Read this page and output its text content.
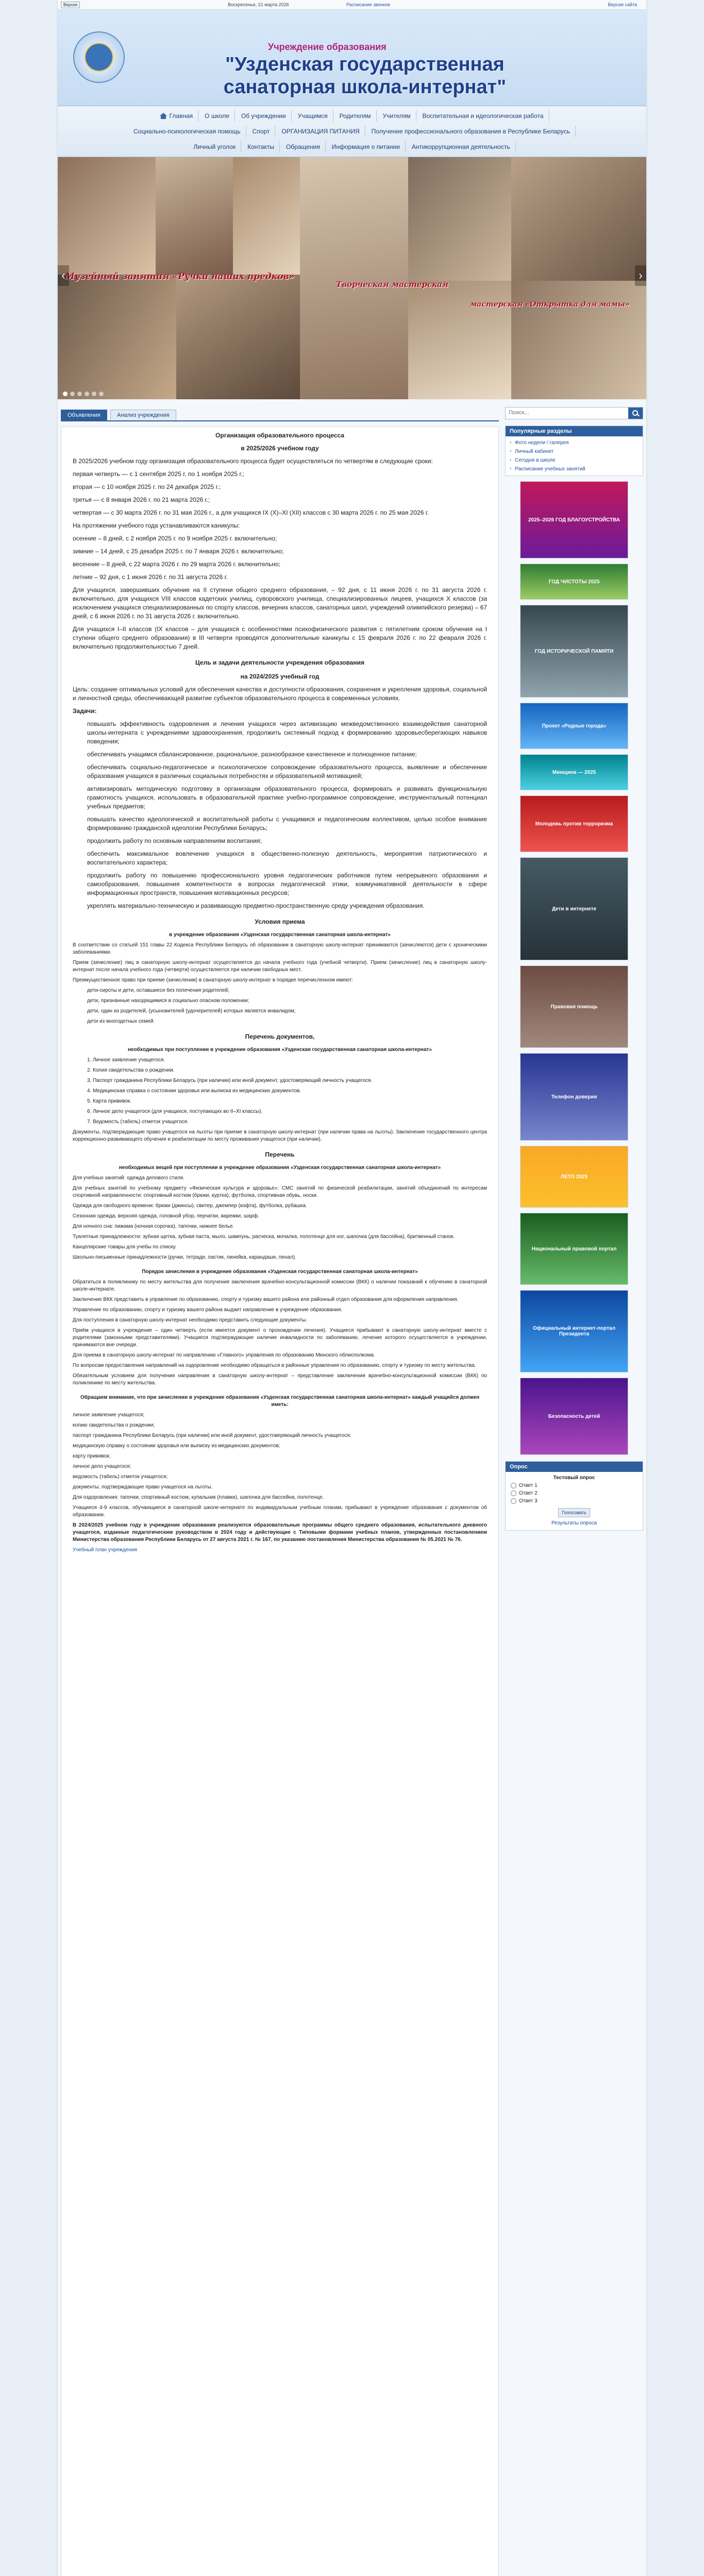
Версия	Воскресенье, 21 марта 2026	Расписание звонков	Версия сайта
Учреждение образования
"Узденская государственная санаторная школа-интернат"
Главная	О школе	Об учреждении	Учащимся	Родителям	Учителям	Воспитательная и идеологическая работа
Социально-психологическая помощь	Спорт	ОРГАНИЗАЦИЯ ПИТАНИЯ	Получение профессионального образования в Республике Беларусь
Личный уголок	Контакты	Обращения	Информация о питании	Антикоррупционная деятельность
Музейный занятия «Ручки наших предков»
Творческая мастерская
мастерская «Открытка для мамы»
‹	›
Объявления	Анализ учреждения

Организация образовательного процесса

в 2025/2026 учебном году

В 2025/2026 учебном году организация образовательного процесса будет осуществляться по четвертям в следующие сроки:

первая четверть — с 1 сентября 2025 г. по 1 ноября 2025 г.;

вторая — с 10 ноября 2025 г. по 24 декабря 2025 г.;

третья — с 8 января 2026 г. по 21 марта 2026 г.;

четвертая — с 30 марта 2026 г. по 31 мая 2026 г., а для учащихся IX (X)–XI (XII) классов с 30 марта 2026 г. по 25 мая 2026 г.

На протяжении учебного года устанавливаются каникулы:

осенние – 8 дней, с 2 ноября 2025 г. по 9 ноября 2025 г. включительно;

зимние – 14 дней, с 25 декабря 2025 г. по 7 января 2026 г. включительно;

весенние – 8 дней, с 22 марта 2026 г. по 29 марта 2026 г. включительно;

летние – 92 дня, с 1 июня 2026 г. по 31 августа 2026 г.

Для учащихся, завершивших обучение на II ступени общего среднего образования, – 92 дня, с 11 июня 2026 г. по 31 августа 2026 г. включительно, для учащихся VIII классов кадетских училищ, суворовского училища, специализированных лицеев, учащихся X классов (за исключением учащихся специализированных по спорту классов, вечерних классов, санаторных школ, учреждений олимпийского резерва) – 67 дней, с 6 июня 2026 г. по 31 августа 2026 г. включительно.

Для учащихся I–II классов (IX классов – для учащихся с особенностями психофизического развития с пятилетним сроком обучения на I ступени общего среднего образования) в III четверти проводятся дополнительные каникулы с 15 февраля 2026 г. по 22 февраля 2026 г. включительно продолжительностью 7 дней.

Цель и задачи деятельности учреждения образования

на 2024/2025 учебный год

Цель: создание оптимальных условий для обеспечения качества и доступности образования, сохранения и укрепления здоровья, социальной и личностной среды, обеспечивающей развитие субъектов образовательного процесса в современных условиях.

Задачи:

повышать эффективность оздоровления и лечения учащихся через активизацию межведомственного взаимодействия санаторной школы-интерната с учреждениями здравоохранения, продолжить системный подход к формированию здоровьесберегающих навыков поведения;

обеспечивать учащимся сбалансированное, рациональное, разнообразное качественное и полноценное питание;

обеспечивать социально-педагогическое и психологическое сопровождение образовательного процесса, выявление и обеспечение образования учащихся в различных социальных потребностях и образовательной мотивацией;

активизировать методическую подготовку в организации образовательного процесса, формировать и развивать функциональную грамотность учащихся, использовать в образовательной практике учебно-программное сопровождение, инструментальный потенциал учебных предметов;

повышать качество идеологической и воспитательной работы с учащимися и педагогическим коллективом, целью особое внимание формированию гражданской идеологии Республики Беларусь;

продолжить работу по основным направлениям воспитания;

обеспечить максимальное вовлечение учащихся в общественно-полезную деятельность, мероприятия патриотического и воспитательного характера;

продолжить работу по повышению профессионального уровня педагогических работников путем непрерывного образования и самообразования, повышения компетентности в вопросах педагогической этики, коммуникативной деятельности в сфере информационных пространств, повышения мотивационных ресурсов;

укреплять материально-техническую и развивающую предметно-пространственную среду учреждения образования.

Условия приема

в учреждение образования «Узденская государственная санаторная школа-интернат»

В соответствии со статьей 151 главы 22 Кодекса Республики Беларусь об образовании в санаторную школу-интернат принимаются (зачисляются) дети с хроническими заболеваниями.

Прием (зачисление) лиц в санаторную школу-интернат осуществляется до начала учебного года (учебной четверти). Прием (зачисление) лиц в санаторную школу-интернат после начала учебного года (четверти) осуществляется при наличии свободных мест.

Преимущественное право при приеме (зачислении) в санаторную школу-интернат в порядке перечисленном имеют:

дети-сироты и дети, оставшиеся без попечения родителей;

дети, признанные находящимися в социально опасном положении;

дети, один из родителей, (усыновителей (удочерителей) которых является инвалидом;

дети из многодетных семей.

Перечень документов,

необходимых при поступлении в учреждение образования «Узденская государственная санаторная школа-интернат»

1. Личное заявление учащегося.

2. Копия свидетельства о рождении.

3. Паспорт гражданина Республики Беларусь (при наличии) или иной документ, удостоверяющий личность учащегося.

4. Медицинская справка о состоянии здоровья или выписка из медицинских документов.

5. Карта прививок.

6. Личное дело учащегося (для учащихся, поступающих во II–XI классы).

7. Ведомость (табель) отметок учащегося.

Документы, подтверждающие право учащегося на льготы при приеме в санаторную школу-интернат (при наличии права на льготы). Заключение государственного центра коррекционно-развивающего обучения и реабилитации по месту проживания учащегося (при наличии).

Перечень

необходимых вещей при поступлении в учреждение образования «Узденская государственная санаторная школа-интернат»

Для учебных занятий: одежда делового стиля.

Для учебных занятий по учебному предмету «Физическая культура и здоровье»: СМС занятий по физической реабилитации, занятий объединений по интересам спортивной направленности: спортивный костюм (брюки, куртка), футболка, спортивная обувь, носки.

Одежда для свободного времени: брюки (джинсы), свитер, джемпер (кофта), футболка, рубашка.

Сезонная одежда, верхняя одежда, головной убор, перчатки, варежки, шарф.

Для ночного сна: пижама (ночная сорочка), тапочки, нижнее белье.

Туалетные принадлежности: зубная щетка, зубная паста, мыло, шампунь, расческа, мочалка, полотенце для ног, шапочка (для бассейна), бритвенный станок.

Канцелярские товары для учебы по списку.

Школьно-письменные принадлежности (ручки, тетради, ластик, линейка, карандаши, пенал).

Порядок зачисления в учреждение образования «Узденская государственная санаторная школа-интернат»

Обратиться в поликлинику по месту жительства для получения заключения врачебно-консультационной комиссии (ВКК) о наличии показаний к обучению в санаторной школе-интернате.

Заключение ВКК представить в управление по образованию, спорту и туризму вашего района или районный отдел образования для оформления направления.

Управление по образованию, спорту и туризму вашего района выдает направление в учреждение образования.

Для поступления в санаторную школу-интернат необходимо представить следующие документы.

Приём учащихся в учреждение – один четверть (если имеется документ о прохождении лечения). Учащиеся прибывают в санаторную школу-интернат вместе с родителями (законными представителями). Учащиеся подтверждающие наличие инвалидности по заболеванию, лечение которого осуществляется в учреждении, принимаются вне очереди.

Для приема в санаторную школу-интернат по направлению «Главного» управления по образованию Минского облисполкома.

По вопросам предоставления направлений на оздоровление необходимо обращаться в районные управления по образованию, спорту и туризму по месту жительства.

Обязательным условием для получения направления в санаторную школу-интернат – представление заключения врачебно-консультационной комиссии (ВКК) по поликлинике по месту жительства.

Обращаем внимание, что при зачислении в учреждение образования «Узденская государственная санаторная школа-интернат» каждый учащийся должен иметь:

личное заявление учащегося;

копию свидетельства о рождении;

паспорт гражданина Республики Беларусь (при наличии) или иной документ, удостоверяющий личность учащегося;

медицинскую справку о состоянии здоровья или выписку из медицинских документов;

карту прививок;

личное дело учащегося;

ведомость (табель) отметок учащегося;

документы, подтверждающие право учащегося на льготы.

Для оздоровления: тапочки, спортивный костюм, купальник (плавки), шапочка для бассейна, полотенце.

Учащиеся 4-9 классов, обучающиеся в санаторной школе-интернате по индивидуальным учебным планам, прибывают в учреждение образования с документом об образовании.

В 2024/2025 учебном году в учреждение образования реализуются образовательные программы общего среднего образования, испытательного дневного учащегося, изданные педагогическим руководством в 2024 году и действующие с Типовыми формами учебных планов, утвержденных постановлением Министерства образования Республики Беларусь от 27 августа 2021 г. № 167, по указанию постановления Министерства образования № 05.2021 № 76.

Учебный план учреждения

Поиск...
Популярные разделы
› Фото недели / галерея
› Личный кабинет
› Сегодня в школе
› Расписание учебных занятий
2025–2026 ГОД БЛАГОУСТРОЙСТВА
ГОД ЧИСТОТЫ 2025
ГОД ИСТОРИЧЕСКОЙ ПАМЯТИ
Проект «Родные города»
Минщина — 2025
Молодежь против терроризма
Дети в интернете
Правовая помощь
Телефон доверия
ЛЕТО 2025
Национальный правовой портал
Официальный интернет-портал Президента
Безопасность детей
Опрос
Тестовый опрос
Ответ 1
Ответ 2
Ответ 3
Голосовать
Результаты опроса
